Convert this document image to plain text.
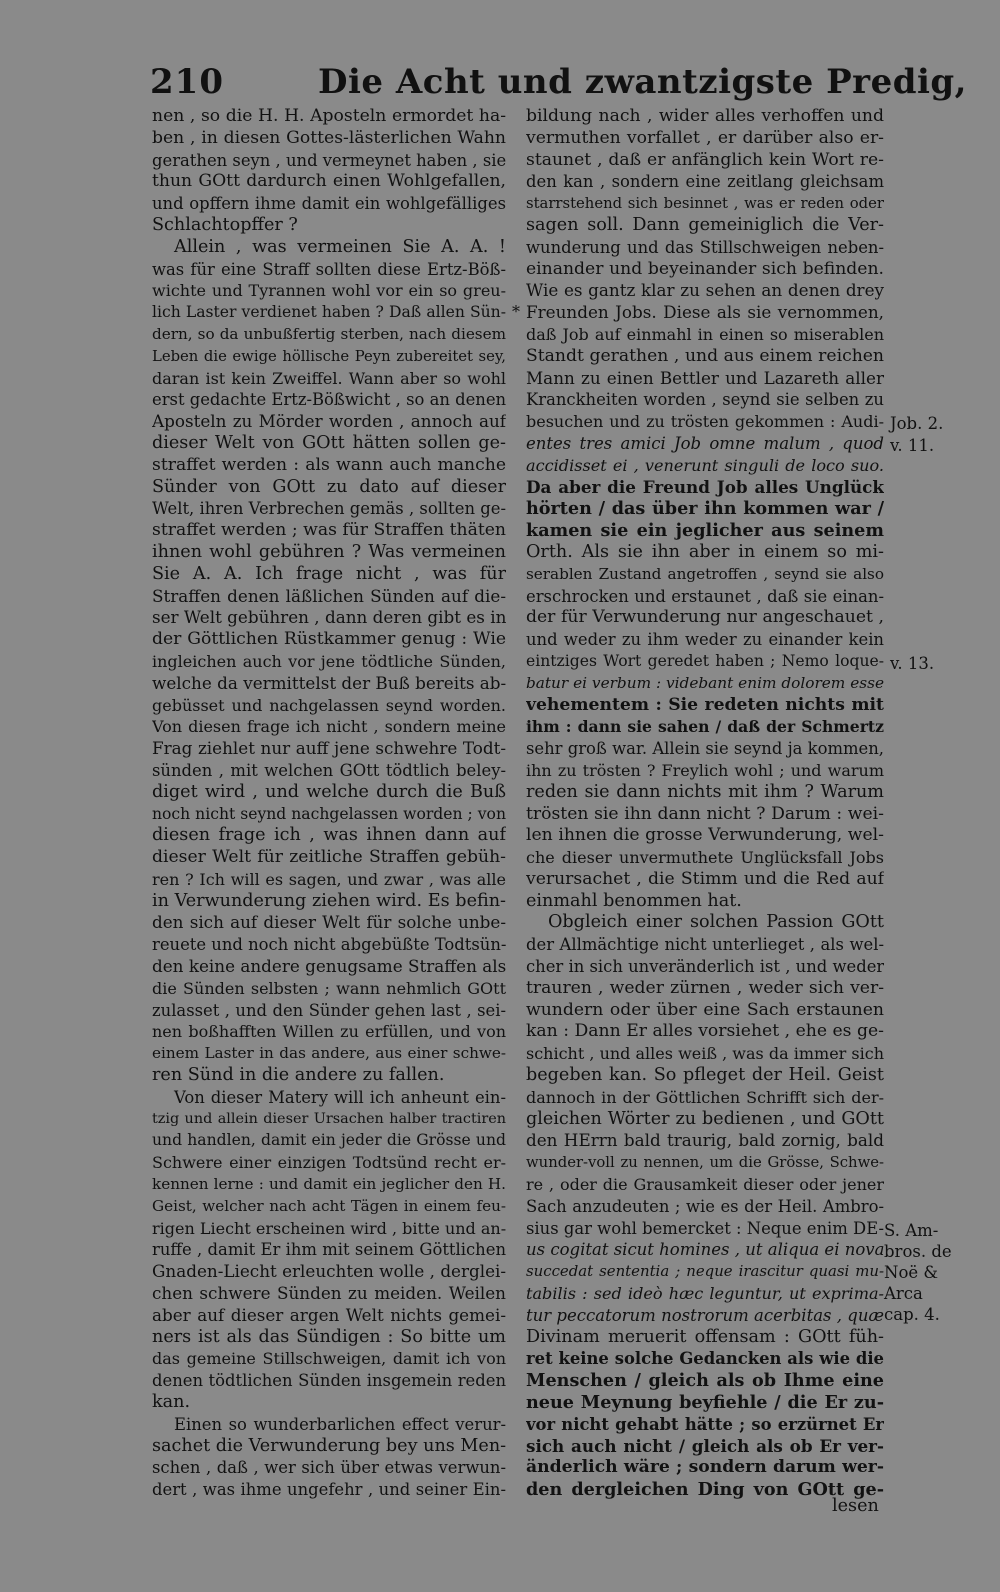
210	Die Acht und zwantzigste Predig,
nen , so die H. H. Aposteln ermordet ha-
ben , in diesen Gottes-lästerlichen Wahn
gerathen seyn , und vermeynet haben , sie
thun GOtt dardurch einen Wohlgefallen,
und opffern ihme damit ein wohlgefälliges
Schlachtopffer ?
Allein , was vermeinen Sie A. A. !
was für eine Straff sollten diese Ertz-Böß-
wichte und Tyrannen wohl vor ein so greu-
lich Laster verdienet haben ? Daß allen Sün-
dern, so da unbußfertig sterben, nach diesem
Leben die ewige höllische Peyn zubereitet sey,
daran ist kein Zweiffel. Wann aber so wohl
erst gedachte Ertz-Bößwicht , so an denen
Aposteln zu Mörder worden , annoch auf
dieser Welt von GOtt hätten sollen ge-
straffet werden : als wann auch manche
Sünder von GOtt zu dato auf dieser
Welt, ihren Verbrechen gemäs , sollten ge-
straffet werden ; was für Straffen thäten
ihnen wohl gebühren ? Was vermeinen
Sie A. A. Ich frage nicht , was für
Straffen denen läßlichen Sünden auf die-
ser Welt gebühren , dann deren gibt es in
der Göttlichen Rüstkammer genug : Wie
ingleichen auch vor jene tödtliche Sünden,
welche da vermittelst der Buß bereits ab-
gebüsset und nachgelassen seynd worden.
Von diesen frage ich nicht , sondern meine
Frag ziehlet nur auff jene schwehre Todt-
sünden , mit welchen GOtt tödtlich beley-
diget wird , und welche durch die Buß
noch nicht seynd nachgelassen worden ; von
diesen frage ich , was ihnen dann auf
dieser Welt für zeitliche Straffen gebüh-
ren ? Ich will es sagen, und zwar , was alle
in Verwunderung ziehen wird. Es befin-
den sich auf dieser Welt für solche unbe-
reuete und noch nicht abgebüßte Todtsün-
den keine andere genugsame Straffen als
die Sünden selbsten ; wann nehmlich GOtt
zulasset , und den Sünder gehen last , sei-
nen boßhafften Willen zu erfüllen, und von
einem Laster in das andere, aus einer schwe-
ren Sünd in die andere zu fallen.
Von dieser Matery will ich anheunt ein-
tzig und allein dieser Ursachen halber tractiren
und handlen, damit ein jeder die Grösse und
Schwere einer einzigen Todtsünd recht er-
kennen lerne : und damit ein jeglicher den H.
Geist, welcher nach acht Tägen in einem feu-
rigen Liecht erscheinen wird , bitte und an-
ruffe , damit Er ihm mit seinem Göttlichen
Gnaden-Liecht erleuchten wolle , derglei-
chen schwere Sünden zu meiden. Weilen
aber auf dieser argen Welt nichts gemei-
ners ist als das Sündigen : So bitte um
das gemeine Stillschweigen, damit ich von
denen tödtlichen Sünden insgemein reden
kan.
Einen so wunderbarlichen effect verur-
sachet die Verwunderung bey uns Men-
schen , daß , wer sich über etwas verwun-
dert , was ihme ungefehr , und seiner Ein-
bildung nach , wider alles verhoffen und
vermuthen vorfallet , er darüber also er-
staunet , daß er anfänglich kein Wort re-
den kan , sondern eine zeitlang gleichsam
starrstehend sich besinnet , was er reden oder
sagen soll. Dann gemeiniglich die Ver-
wunderung und das Stillschweigen neben-
einander und beyeinander sich befinden.
Wie es gantz klar zu sehen an denen drey
Freunden Jobs. Diese als sie vernommen,
daß Job auf einmahl in einen so miserablen
Standt gerathen , und aus einem reichen
Mann zu einen Bettler und Lazareth aller
Kranckheiten worden , seynd sie selben zu
besuchen und zu trösten gekommen : Audi-
entes tres amici Job omne malum , quod
accidisset ei , venerunt singuli de loco suo.
Da aber die Freund Job alles Unglück
hörten / das über ihn kommen war /
kamen sie ein jeglicher aus seinem
Orth. Als sie ihn aber in einem so mi-
serablen Zustand angetroffen , seynd sie also
erschrocken und erstaunet , daß sie einan-
der für Verwunderung nur angeschauet ,
und weder zu ihm weder zu einander kein
eintziges Wort geredet haben ; Nemo loque-
batur ei verbum : videbant enim dolorem esse
vehementem : Sie redeten nichts mit
ihm : dann sie sahen / daß der Schmertz
sehr groß war. Allein sie seynd ja kommen,
ihn zu trösten ? Freylich wohl ; und warum
reden sie dann nichts mit ihm ? Warum
trösten sie ihn dann nicht ? Darum : wei-
len ihnen die grosse Verwunderung, wel-
che dieser unvermuthete Unglücksfall Jobs
verursachet , die Stimm und die Red auf
einmahl benommen hat.
Obgleich einer solchen Passion GOtt
der Allmächtige nicht unterlieget , als wel-
cher in sich unveränderlich ist , und weder
trauren , weder zürnen , weder sich ver-
wundern oder über eine Sach erstaunen
kan : Dann Er alles vorsiehet , ehe es ge-
schicht , und alles weiß , was da immer sich
begeben kan. So pfleget der Heil. Geist
dannoch in der Göttlichen Schrifft sich der-
gleichen Wörter zu bedienen , und GOtt
den HErrn bald traurig, bald zornig, bald
wunder-voll zu nennen, um die Grösse, Schwe-
re , oder die Grausamkeit dieser oder jener
Sach anzudeuten ; wie es der Heil. Ambro-
sius gar wohl bemercket : Neque enim DE-
us cogitat sicut homines , ut aliqua ei nova
succedat sententia ; neque irascitur quasi mu-
tabilis : sed ideò hæc leguntur, ut exprima-
tur peccatorum nostrorum acerbitas , quæ
Divinam meruerit offensam : GOtt füh-
ret keine solche Gedancken als wie die
Menschen / gleich als ob Ihme eine
neue Meynung beyfiehle / die Er zu-
vor nicht gehabt hätte ; so erzürnet Er
sich auch nicht / gleich als ob Er ver-
änderlich wäre ; sondern darum wer-
den dergleichen Ding von GOtt ge-
*
Job. 2.
v. 11.
v. 13.
S. Am-
bros. de
Noë &
Arca
cap. 4.
lesen
